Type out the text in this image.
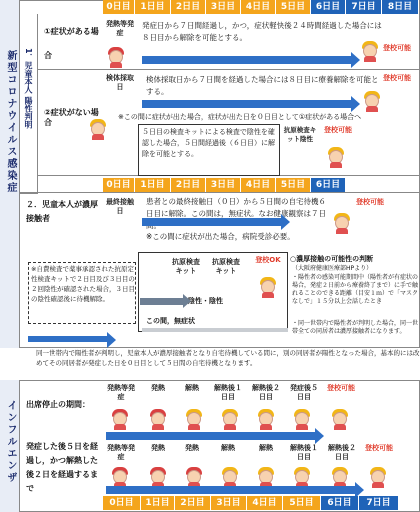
新型コロナウイルス感染症 1．児童本人 陽性判明
0日目	1日目	2日目	3日目	4日目	5日目	6日目	7日目	8日目
①症状がある場合
発熱等発症
発症日から７日間経過し，かつ，症状軽快後２４時間経過した場合には８日目から解除を可能とする。
登校可能
②症状がない場合
検体採取日
検体採取日から７日間を経過した場合には８日目に療養解除を可能とする。
登校可能
※この間に症状が出た場合，症状が出た日を０日目として①症状がある場合へ
５日目の検査キットによる検査で陰性を確認した場合，５日間経過後（６日目）に解除を可能とする。
抗原検査キット陰性
登校可能
0日目	1日目	2日目	3日目	4日目	5日目	6日目
２．児童本人が濃厚接触者
最終接触日
患者との最終接触日（０日）から５日間の自宅待機６日目に解除。この間は，無症状。なお健康観察は７日
※この間に症状が出た場合，病院受診必要。
登校可能
※自費検査で薬事承認された抗原定性検査キットで２日目及び３日目の２回陰性が確認された場合，３日目の陰性確認後に待機解除。
抗原検査キット
抗原検査キット
陰性・陰性
登校OK
この間，無症状
○濃厚接触の可能性の判断
（大阪府健康医療部HPより）
・陽性者の感染可能期間中（陽性者が有症状の場合，発症２日前から療養終了まで）に手で触れることのできる距離（目安１ｍ）で「マスクなしで」１５分以上会話したとき
・同一世帯内で陽性者が判明した場合，同一世帯全ての同居者は濃厚接触者になります。
同一世帯内で陽性者が判明し，児童本人が濃厚接触者となり自宅待機している間に，別の同居者が陽性となった場合，基本的には改めてその同居者が発症した日を０日目として５日間の自宅待機となります。
インフルエンザ 出席停止の期間：
発症した後５日を経過し，かつ解熱した後２日を経過するまで
発熱等発症
発熱	解熱	解熱後１日目
解熱後２日目
発症後５日目
登校可能
発熱等発症
発熱	発熱	解熱	解熱	解熱後１日目
解熱後２日目
登校可能
0日目	1日目	2日目	3日目	4日目	5日目	6日目	7日目
